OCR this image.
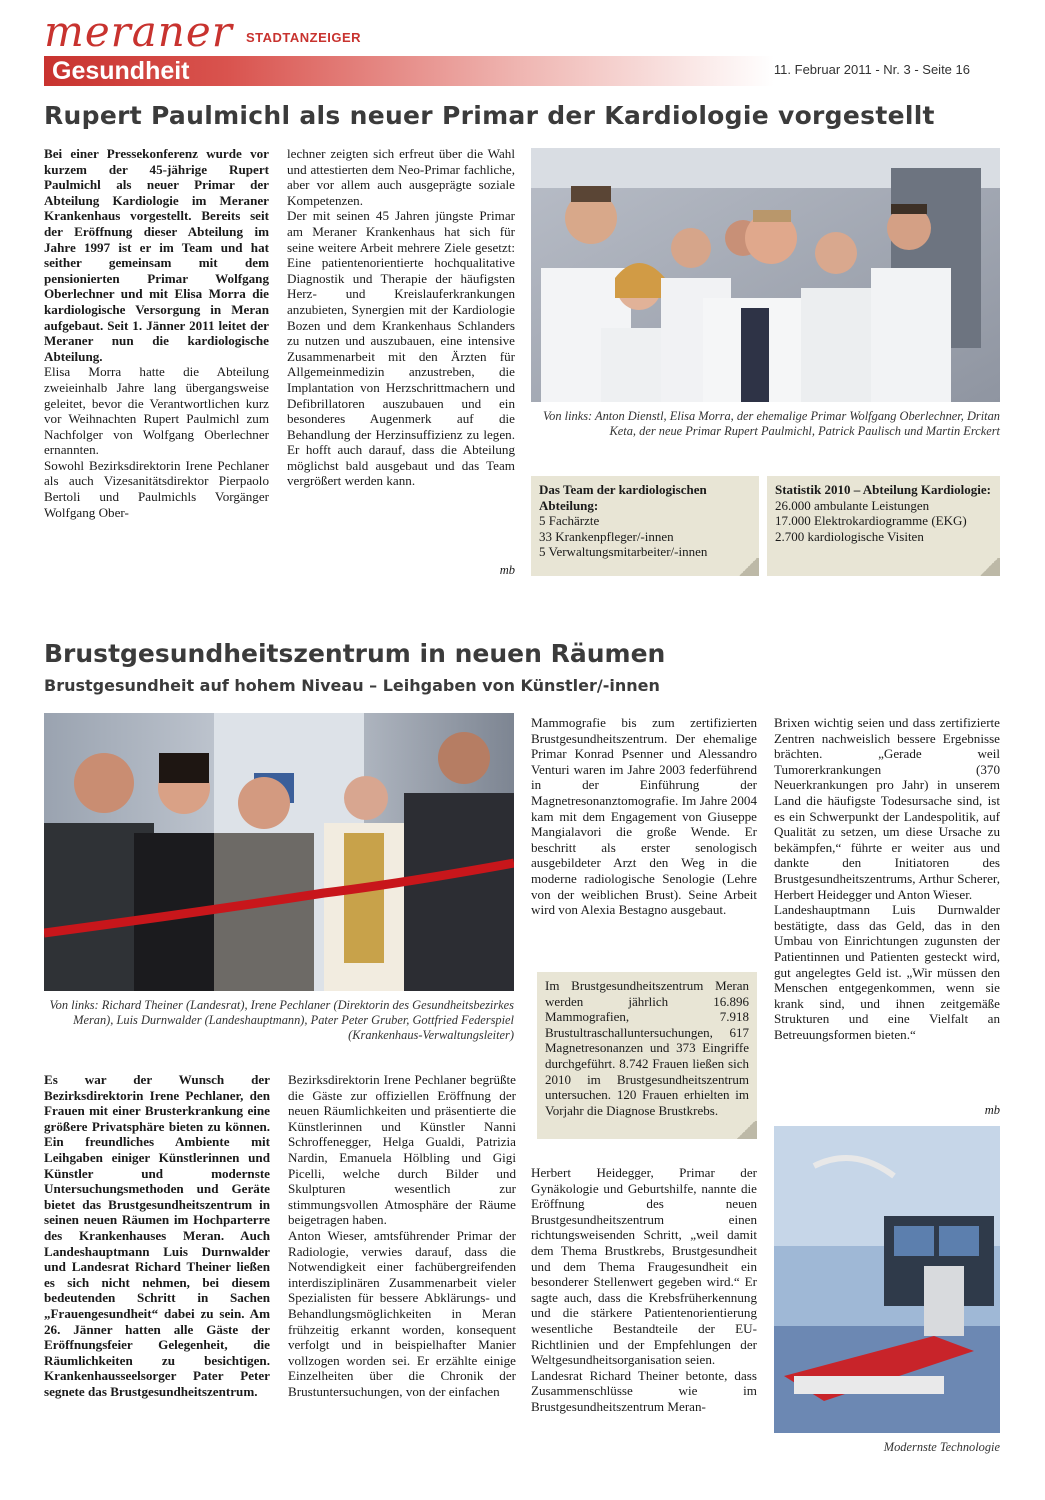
meraner STADTANZEIGER
Gesundheit	11. Februar 2011 - Nr. 3 - Seite 16
Rupert Paulmichl als neuer Primar der Kardiologie vorgestellt

Bei einer Pressekonferenz wurde vor kurzem der 45-jährige Rupert Paulmichl als neuer Primar der Abteilung Kardiologie im Meraner Krankenhaus vorgestellt. Bereits seit der Eröffnung dieser Abteilung im Jahre 1997 ist er im Team und hat seither gemeinsam mit dem pensionierten Primar Wolfgang Oberlechner und mit Elisa Morra die kardiologische Versorgung in Meran aufgebaut. Seit 1. Jänner 2011 leitet der Meraner nun die kardiologische Abteilung.

Elisa Morra hatte die Abteilung zweieinhalb Jahre lang übergangsweise geleitet, bevor die Verantwortlichen kurz vor Weihnachten Rupert Paulmichl zum Nachfolger von Wolfgang Oberlechner ernannten.
Sowohl Bezirksdirektorin Irene Pechlaner als auch Vizesanitätsdirektor Pierpaolo Bertoli und Paulmichls Vorgänger Wolfgang Ober-

lechner zeigten sich erfreut über die Wahl und attestierten dem Neo-Primar fachliche, aber vor allem auch ausgeprägte soziale Kompetenzen.
Der mit seinen 45 Jahren jüngste Primar am Meraner Krankenhaus hat sich für seine weitere Arbeit mehrere Ziele gesetzt: Eine patientenorientierte hochqualitative Diagnostik und Therapie der häufigsten Herz- und Kreislauferkrankungen anzubieten, Synergien mit der Kardiologie Bozen und dem Krankenhaus Schlanders zu nutzen und auszubauen, eine intensive Zusammenarbeit mit den Ärzten für Allgemeinmedizin anzustreben, die Implantation von Herzschrittmachern und Defibrillatoren auszubauen und ein besonderes Augenmerk auf die Behandlung der Herzinsuffizienz zu legen. Er hofft auch darauf, dass die Abteilung möglichst bald ausgebaut und das Team vergrößert werden kann.

mb
Von links: Anton Dienstl, Elisa Morra, der ehemalige Primar Wolfgang Oberlechner, Dritan Keta, der neue Primar Rupert Paulmichl, Patrick Paulisch und Martin Erckert
Das Team der kardiologischen Abteilung:
5 Fachärzte
33 Krankenpfleger/-innen
5 Verwaltungsmitarbeiter/-innen
Statistik 2010 – Abteilung Kardiologie:
26.000 ambulante Leistungen
17.000 Elektrokardiogramme (EKG)
2.700 kardiologische Visiten
Brustgesundheitszentrum in neuen Räumen
Brustgesundheit auf hohem Niveau – Leihgaben von Künstler/-innen
Von links: Richard Theiner (Landesrat), Irene Pechlaner (Direktorin des Gesundheitsbezirkes Meran), Luis Durnwalder (Landeshauptmann), Pater Peter Gruber, Gottfried Federspiel (Krankenhaus-Verwaltungsleiter)

Es war der Wunsch der Bezirksdirektorin Irene Pechlaner, den Frauen mit einer Brusterkrankung eine größere Privatsphäre bieten zu können. Ein freundliches Ambiente mit Leihgaben einiger Künstlerinnen und Künstler und modernste Untersuchungsmethoden und Geräte bietet das Brustgesundheitszentrum in seinen neuen Räumen im Hochparterre des Krankenhauses Meran. Auch Landeshauptmann Luis Durnwalder und Landesrat Richard Theiner ließen es sich nicht nehmen, bei diesem bedeutenden Schritt in Sachen „Frauengesundheit“ dabei zu sein. Am 26. Jänner hatten alle Gäste der Eröffnungsfeier Gelegenheit, die Räumlichkeiten zu besichtigen. Krankenhausseelsorger Pater Peter segnete das Brustgesundheitszentrum.

Bezirksdirektorin Irene Pechlaner begrüßte die Gäste zur offiziellen Eröffnung der neuen Räumlichkeiten und präsentierte die Künstlerinnen und Künstler Nanni Schroffenegger, Helga Gualdi, Patrizia Nardin, Emanuela Hölbling und Gigi Picelli, welche durch Bilder und Skulpturen wesentlich zur stimmungsvollen Atmosphäre der Räume beigetragen haben.
Anton Wieser, amtsführender Primar der Radiologie, verwies darauf, dass die Notwendigkeit einer fachübergreifenden interdisziplinären Zusammenarbeit vieler Spezialisten für bessere Abklärungs- und Behandlungsmöglichkeiten in Meran frühzeitig erkannt worden, konsequent verfolgt und in beispielhafter Manier vollzogen worden sei. Er erzählte einige Einzelheiten über die Chronik der Brustuntersuchungen, von der einfachen

Mammografie bis zum zertifizierten Brustgesundheitszentrum. Der ehemalige Primar Konrad Psenner und Alessandro Venturi waren im Jahre 2003 federführend in der Einführung der Magnetresonanztomografie. Im Jahre 2004 kam mit dem Engagement von Giuseppe Mangialavori die große Wende. Er beschritt als erster senologisch ausgebildeter Arzt den Weg in die moderne radiologische Senologie (Lehre von der weiblichen Brust). Seine Arbeit wird von Alexia Bestagno ausgebaut.

Im Brustgesundheitszentrum Meran werden jährlich 16.896 Mammografien, 7.918 Brustultraschalluntersuchungen, 617 Magnetresonanzen und 373 Eingriffe durchgeführt. 8.742 Frauen ließen sich 2010 im Brustgesundheitszentrum untersuchen. 120 Frauen erhielten im Vorjahr die Diagnose Brustkrebs.

Herbert Heidegger, Primar der Gynäkologie und Geburtshilfe, nannte die Eröffnung des neuen Brustgesundheitszentrum einen richtungsweisenden Schritt, „weil damit dem Thema Brustkrebs, Brustgesundheit und dem Thema Fraugesundheit ein besonderer Stellenwert gegeben wird.“ Er sagte auch, dass die Krebsfrüherkennung und die stärkere Patientenorientierung wesentliche Bestandteile der EU-Richtlinien und der Empfehlungen der Weltgesundheitsorganisation seien.
Landesrat Richard Theiner betonte, dass Zusammenschlüsse wie im Brustgesundheitszentrum Meran-

Brixen wichtig seien und dass zertifizierte Zentren nachweislich bessere Ergebnisse brächten. „Gerade weil Tumorerkrankungen (370 Neuerkrankungen pro Jahr) in unserem Land die häufigste Todesursache sind, ist es ein Schwerpunkt der Landespolitik, auf Qualität zu setzen, um diese Ursache zu bekämpfen,“ führte er weiter aus und dankte den Initiatoren des Brustgesundheitszentrums, Arthur Scherer, Herbert Heidegger und Anton Wieser.
Landeshauptmann Luis Durnwalder bestätigte, dass das Geld, das in den Umbau von Einrichtungen zugunsten der Patientinnen und Patienten gesteckt wird, gut angelegtes Geld ist. „Wir müssen den Menschen entgegenkommen, wenn sie krank sind, und ihnen zeitgemäße Strukturen und eine Vielfalt an Betreuungsformen bieten.“

mb
Modernste Technologie
